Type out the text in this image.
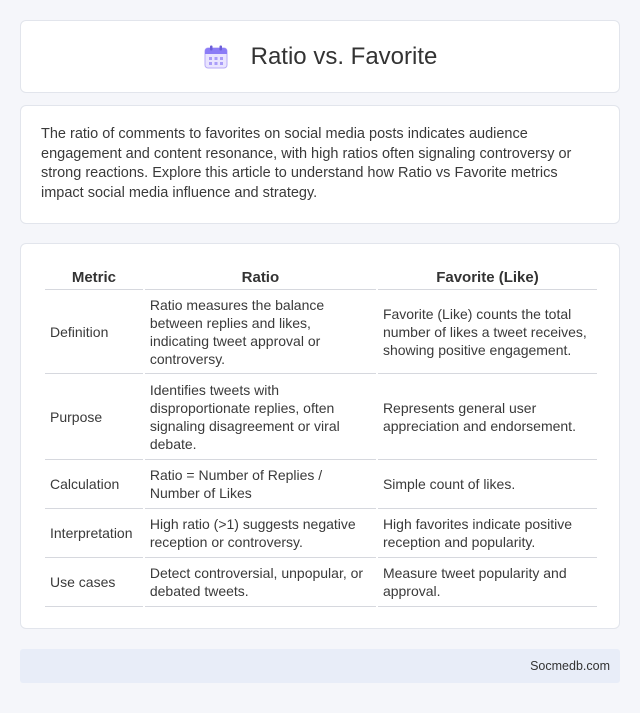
Ratio vs. Favorite

The ratio of comments to favorites on social media posts indicates audience engagement and content resonance, with high ratios often signaling controversy or strong reactions. Explore this article to understand how Ratio vs Favorite metrics impact social media influence and strategy.

Metric	Ratio	Favorite (Like)
Definition	Ratio measures the balance between replies and likes, indicating tweet approval or controversy.	Favorite (Like) counts the total number of likes a tweet receives, showing positive engagement.
Purpose	Identifies tweets with disproportionate replies, often signaling disagreement or viral debate.	Represents general user appreciation and endorsement.
Calculation	Ratio = Number of Replies / Number of Likes	Simple count of likes.
Interpretation	High ratio (>1) suggests negative reception or controversy.	High favorites indicate positive reception and popularity.
Use cases	Detect controversial, unpopular, or debated tweets.	Measure tweet popularity and approval.
Socmedb.com
